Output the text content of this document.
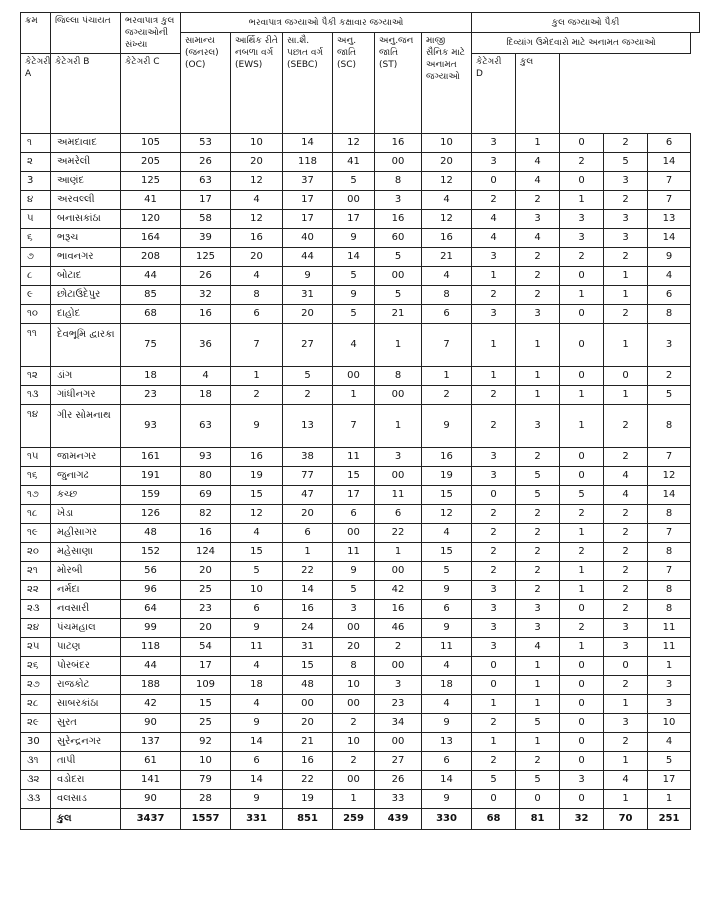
ક્રમ	જિલ્લા પંચાયત	ભરવાપાત્ર કુલ જગ્યાઓની સંખ્યા	ભરવાપાત્ર જગ્યાઓ પૈકી કક્ષાવાર જગ્યાઓ						કુલ જગ્યાઓ પૈકી				
			સામાન્ય (જનરલ) (OC)	આર્થિક રીતે નબળા વર્ગ (EWS)	સા.શૈ. પછાત વર્ગ (SEBC)	અનુ. જાતિ (SC)	અનુ.જન જાતિ (ST)	માજી સૈનિક માટે અનામત જગ્યાઓ	દિવ્યાંગ ઉમેદવારો માટે અનામત જગ્યાઓ				
કેટેગરી A	કેટેગરી B	કેટેગરી C							કેટેગરી D	કુલ			
૧	અમદાવાદ	105	53	10	14	12	16	10	3	1	0	2	6
૨	અમરેલી	205	26	20	118	41	00	20	3	4	2	5	14
3	આણંદ	125	63	12	37	5	8	12	0	4	0	3	7
૪	અરવલ્લી	41	17	4	17	00	3	4	2	2	1	2	7
૫	બનાસકાંઠા	120	58	12	17	17	16	12	4	3	3	3	13
૬	ભરૂચ	164	39	16	40	9	60	16	4	4	3	3	14
૭	ભાવનગર	208	125	20	44	14	5	21	3	2	2	2	9
૮	બોટાદ	44	26	4	9	5	00	4	1	2	0	1	4
૯	છોટાઉદેપુર	85	32	8	31	9	5	8	2	2	1	1	6
૧૦	દાહોદ	68	16	6	20	5	21	6	3	3	0	2	8
૧૧	દેવભૂમિ દ્વારકા	75	36	7	27	4	1	7	1	1	0	1	3
૧૨	ડાંગ	18	4	1	5	00	8	1	1	1	0	0	2
૧૩	ગાંધીનગર	23	18	2	2	1	00	2	2	1	1	1	5
૧૪	ગીર સોમનાથ	93	63	9	13	7	1	9	2	3	1	2	8
૧૫	જામનગર	161	93	16	38	11	3	16	3	2	0	2	7
૧૬	જુનાગઢ	191	80	19	77	15	00	19	3	5	0	4	12
૧૭	કચ્છ	159	69	15	47	17	11	15	0	5	5	4	14
૧૮	ખેડા	126	82	12	20	6	6	12	2	2	2	2	8
૧૯	મહીસાગર	48	16	4	6	00	22	4	2	2	1	2	7
૨૦	મહેસાણા	152	124	15	1	11	1	15	2	2	2	2	8
૨૧	મોરબી	56	20	5	22	9	00	5	2	2	1	2	7
૨૨	નર્મદા	96	25	10	14	5	42	9	3	2	1	2	8
૨૩	નવસારી	64	23	6	16	3	16	6	3	3	0	2	8
૨૪	પંચમહાલ	99	20	9	24	00	46	9	3	3	2	3	11
૨૫	પાટણ	118	54	11	31	20	2	11	3	4	1	3	11
૨૬	પોરબંદર	44	17	4	15	8	00	4	0	1	0	0	1
૨૭	રાજકોટ	188	109	18	48	10	3	18	0	1	0	2	3
૨૮	સાબરકાંઠા	42	15	4	00	00	23	4	1	1	0	1	3
૨૯	સુરત	90	25	9	20	2	34	9	2	5	0	3	10
30	સુરેન્દ્રનગર	137	92	14	21	10	00	13	1	1	0	2	4
૩૧	તાપી	61	10	6	16	2	27	6	2	2	0	1	5
૩૨	વડોદરા	141	79	14	22	00	26	14	5	5	3	4	17
૩૩	વલસાડ	90	28	9	19	1	33	9	0	0	0	1	1
	કુલ	3437	1557	331	851	259	439	330	68	81	32	70	251
